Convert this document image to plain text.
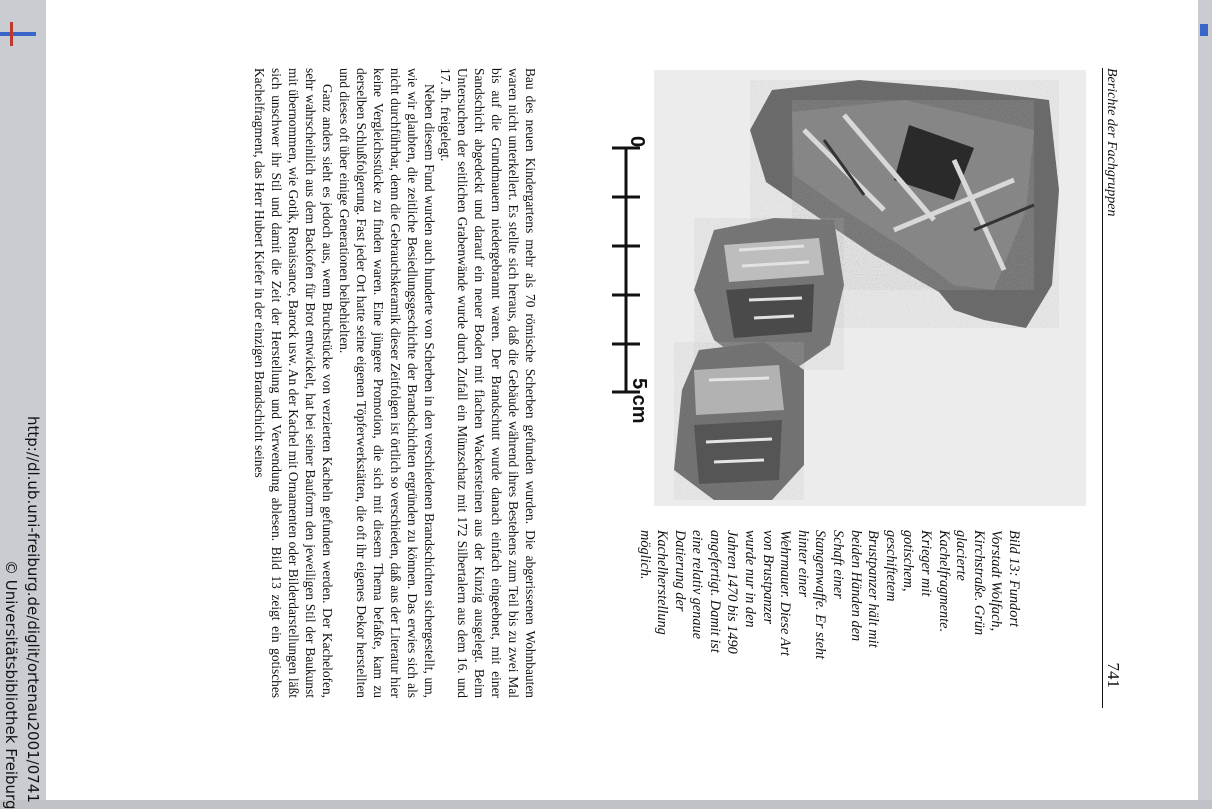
http://dl.ub.uni-freiburg.de/diglit/ortenau2001/0741
© Universitätsbibliothek Freiburg
Berichte der Fachgruppen
741
Bild 13: Fundort Vorstadt Wolfach, Kirchstraße. Grün glacierte Kachelfragmente. Krieger mit gotischem, geschiftetem Brustpanzer hält mit beiden Händen den Schaft einer Stangenwaffe. Er steht hinter einer Wehrmauer. Diese Art von Brustpanzer wurde nur in den Jahren 1470 bis 1490 angefertigt. Damit ist eine relativ genaue Datierung der Kachelherstellung möglich.
0
5 cm

Bau des neuen Kindergartens mehr als 70 römische Scherben gefunden wurden. Die abgerissenen Wohnbauten waren nicht unterkellert. Es stellte sich heraus, daß die Gebäude während ihres Bestehens zum Teil bis zu zwei Mal bis auf die Grundmauern niedergebrannt waren. Der Brandschutt wurde danach einfach eingeebnet, mit einer Sandschicht abgedeckt und darauf ein neuer Boden mit flachen Wackersteinen aus der Kinzig ausgelegt. Beim Untersuchen der seitlichen Grabenwände wurde durch Zufall ein Münzschatz mit 172 Silbertalern aus dem 16. und 17. Jh. freigelegt.

Neben diesem Fund wurden auch hunderte von Scherben in den verschiedenen Brandschichten sichergestellt, um, wie wir glaubten, die zeitliche Besiedlungsgeschichte der Brandschichten ergründen zu können. Das erwies sich als nicht durchführbar, denn die Gebrauchskeramik dieser Zeitfolgen ist örtlich so verschieden, daß aus der Literatur hier keine Vergleichsstücke zu finden waren. Eine jüngere Promotion, die sich mit diesem Thema befaßte, kam zu derselben Schlußfolgerung. Fast jeder Ort hatte seine eigenen Töpferwerkstätten, die oft ihr eigenes Dekor herstellten und dieses oft über einige Generationen beibehielten.

Ganz anders sieht es jedoch aus, wenn Bruchstücke von verzierten Kacheln gefunden werden. Der Kachelofen, sehr wahrscheinlich aus dem Backofen für Brot entwickelt, hat bei seiner Bauform den jeweiligen Stil der Baukunst mit übernommen, wie Gotik, Renaissance, Barock usw. An der Kachel mit Ornamenten oder Bilderdarstellungen läßt sich unschwer ihr Stil und damit die Zeit der Herstellung und Verwendung ablesen. Bild 13 zeigt ein gotisches Kachelfragment, das Herr Hubert Kiefer in der einzigen Brandschicht seines
